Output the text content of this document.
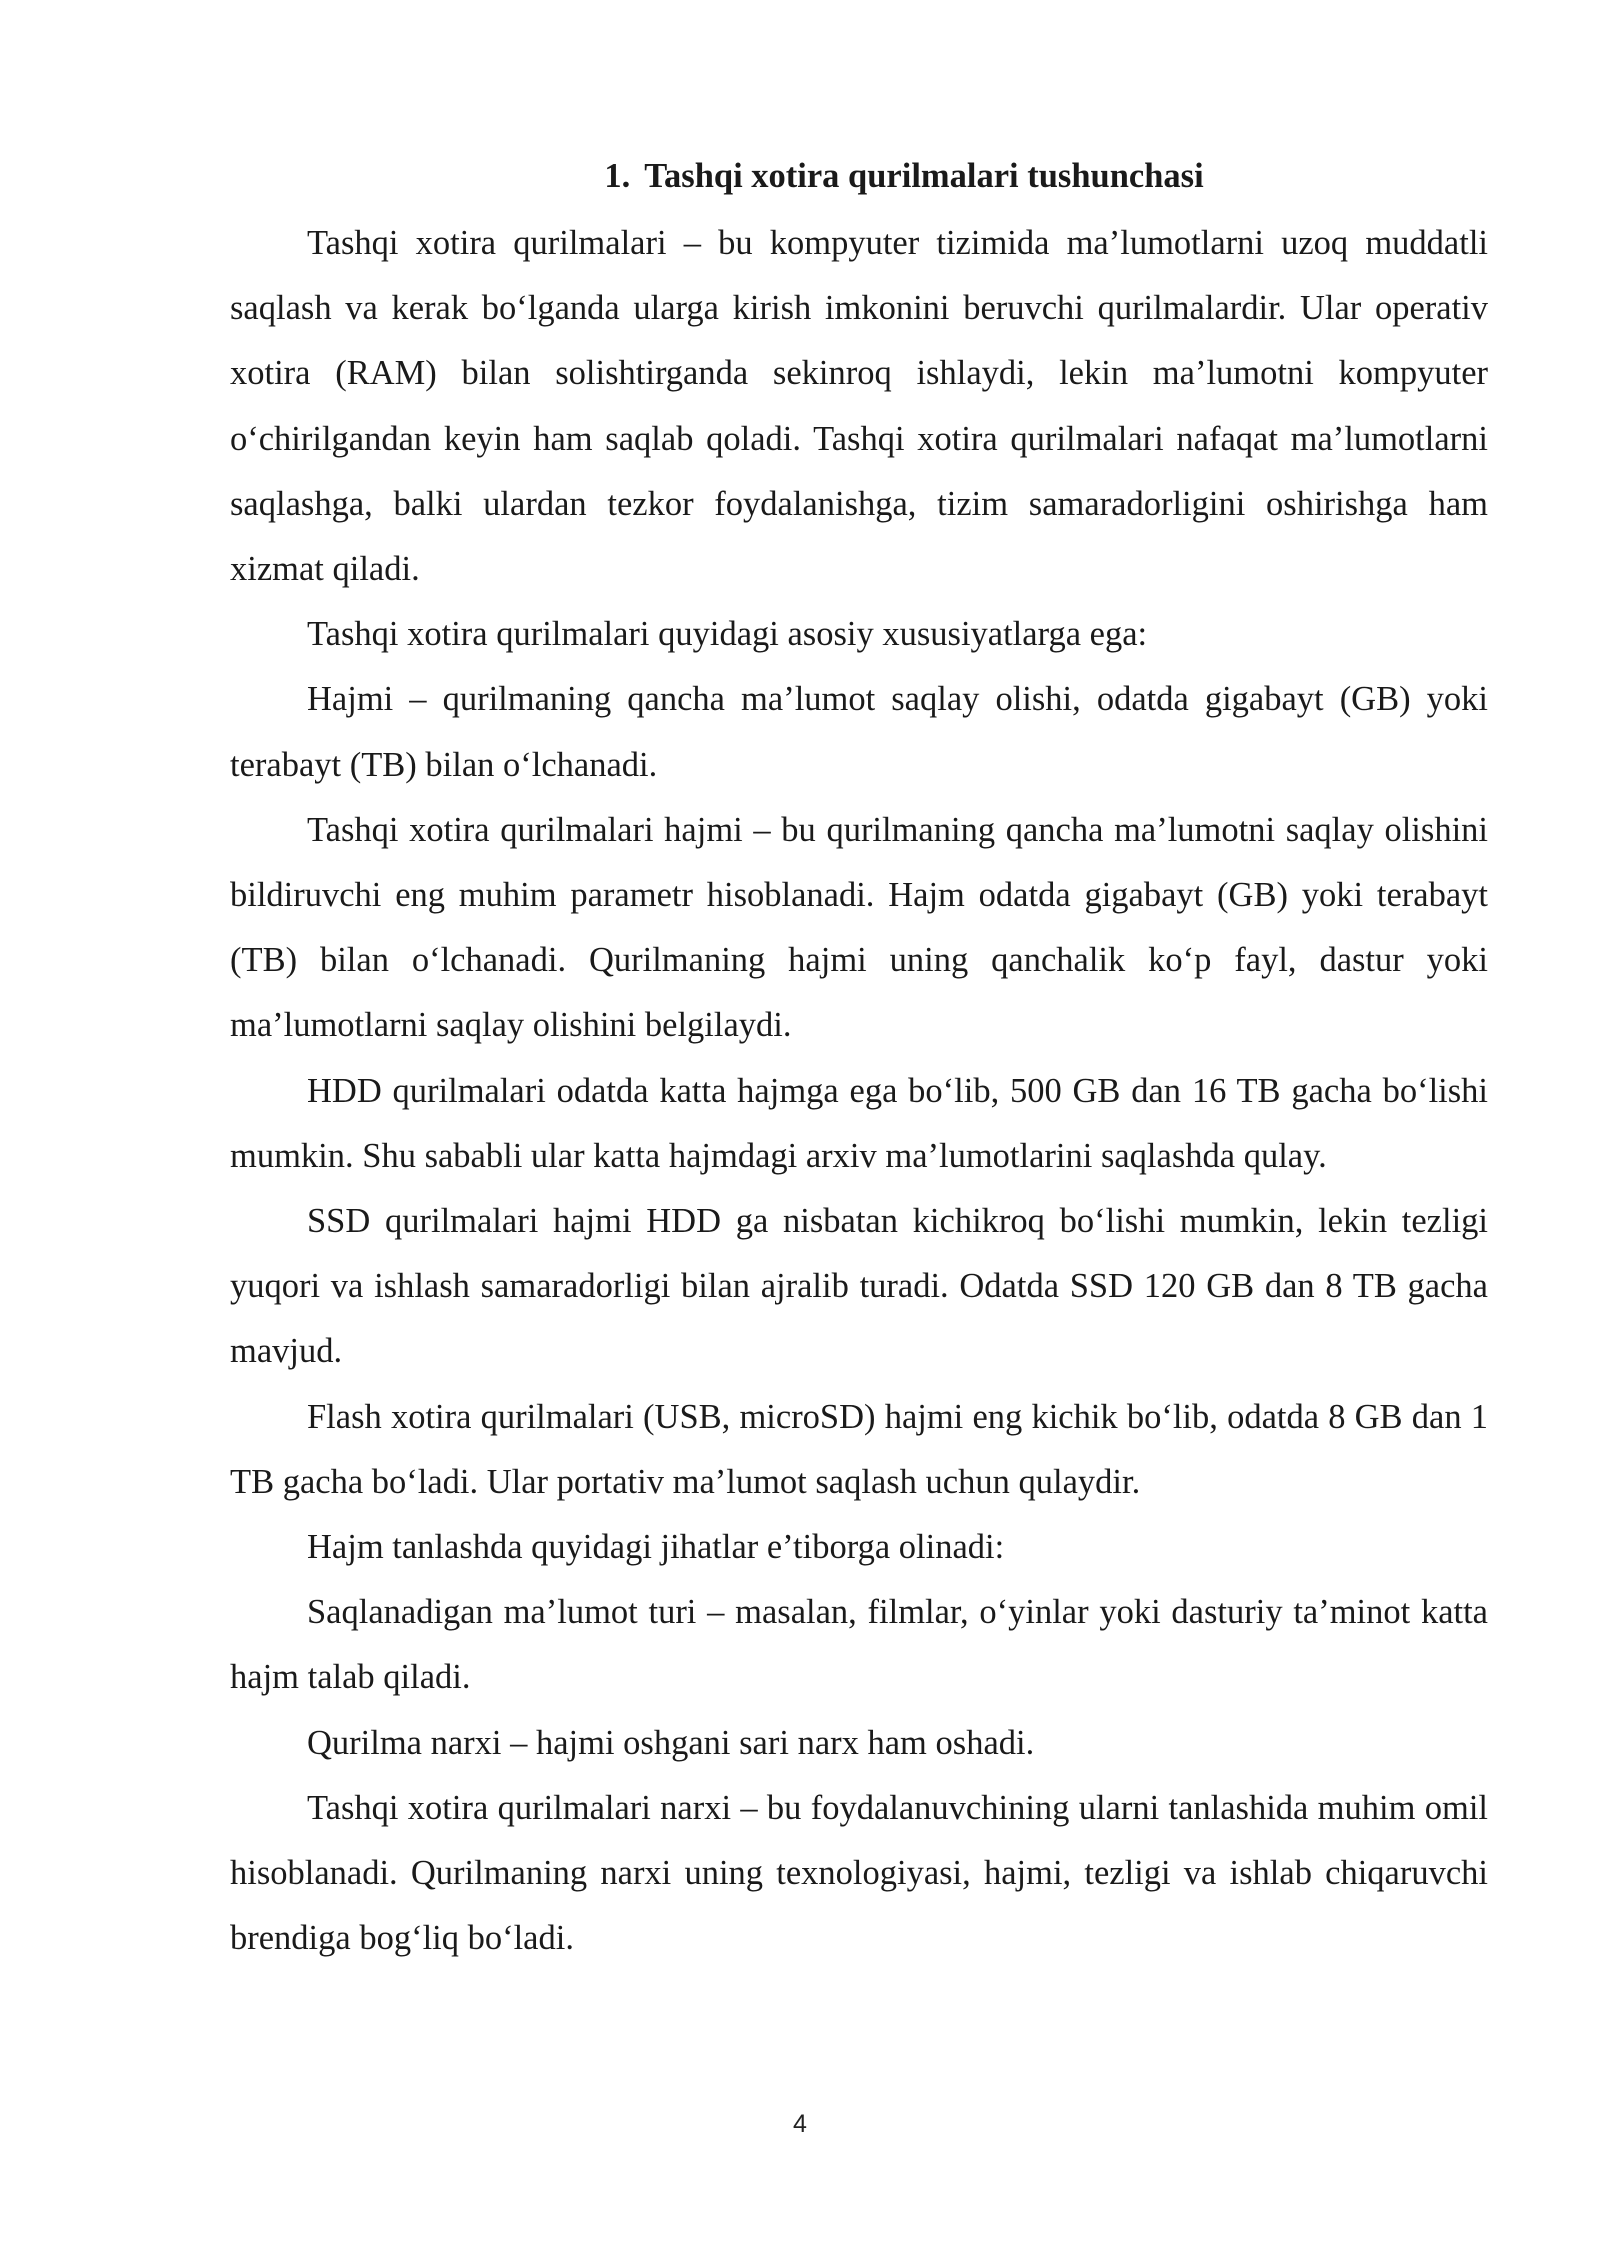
1. Tashqi xotira qurilmalari tushunchasi

Tashqi xotira qurilmalari – bu kompyuter tizimida ma’lumotlarni uzoq muddatli saqlash va kerak bo‘lganda ularga kirish imkonini beruvchi qurilmalardir. Ular operativ xotira (RAM) bilan solishtirganda sekinroq ishlaydi, lekin ma’lumotni kompyuter o‘chirilgandan keyin ham saqlab qoladi. Tashqi xotira qurilmalari nafaqat ma’lumotlarni saqlashga, balki ulardan tezkor foydalanishga, tizim samaradorligini oshirishga ham xizmat qiladi.

Tashqi xotira qurilmalari quyidagi asosiy xususiyatlarga ega:

Hajmi – qurilmaning qancha ma’lumot saqlay olishi, odatda gigabayt (GB) yoki terabayt (TB) bilan o‘lchanadi.

Tashqi xotira qurilmalari hajmi – bu qurilmaning qancha ma’lumotni saqlay olishini bildiruvchi eng muhim parametr hisoblanadi. Hajm odatda gigabayt (GB) yoki terabayt (TB) bilan o‘lchanadi. Qurilmaning hajmi uning qanchalik ko‘p fayl, dastur yoki ma’lumotlarni saqlay olishini belgilaydi.

HDD qurilmalari odatda katta hajmga ega bo‘lib, 500 GB dan 16 TB gacha bo‘lishi mumkin. Shu sababli ular katta hajmdagi arxiv ma’lumotlarini saqlashda qulay.

SSD qurilmalari hajmi HDD ga nisbatan kichikroq bo‘lishi mumkin, lekin tezligi yuqori va ishlash samaradorligi bilan ajralib turadi. Odatda SSD 120 GB dan 8 TB gacha mavjud.

Flash xotira qurilmalari (USB, microSD) hajmi eng kichik bo‘lib, odatda 8 GB dan 1 TB gacha bo‘ladi. Ular portativ ma’lumot saqlash uchun qulaydir.

Hajm tanlashda quyidagi jihatlar e’tiborga olinadi:

Saqlanadigan ma’lumot turi – masalan, filmlar, o‘yinlar yoki dasturiy ta’minot katta hajm talab qiladi.

Qurilma narxi – hajmi oshgani sari narx ham oshadi.

Tashqi xotira qurilmalari narxi – bu foydalanuvchining ularni tanlashida muhim omil hisoblanadi. Qurilmaning narxi uning texnologiyasi, hajmi, tezligi va ishlab chiqaruvchi brendiga bog‘liq bo‘ladi.

4
